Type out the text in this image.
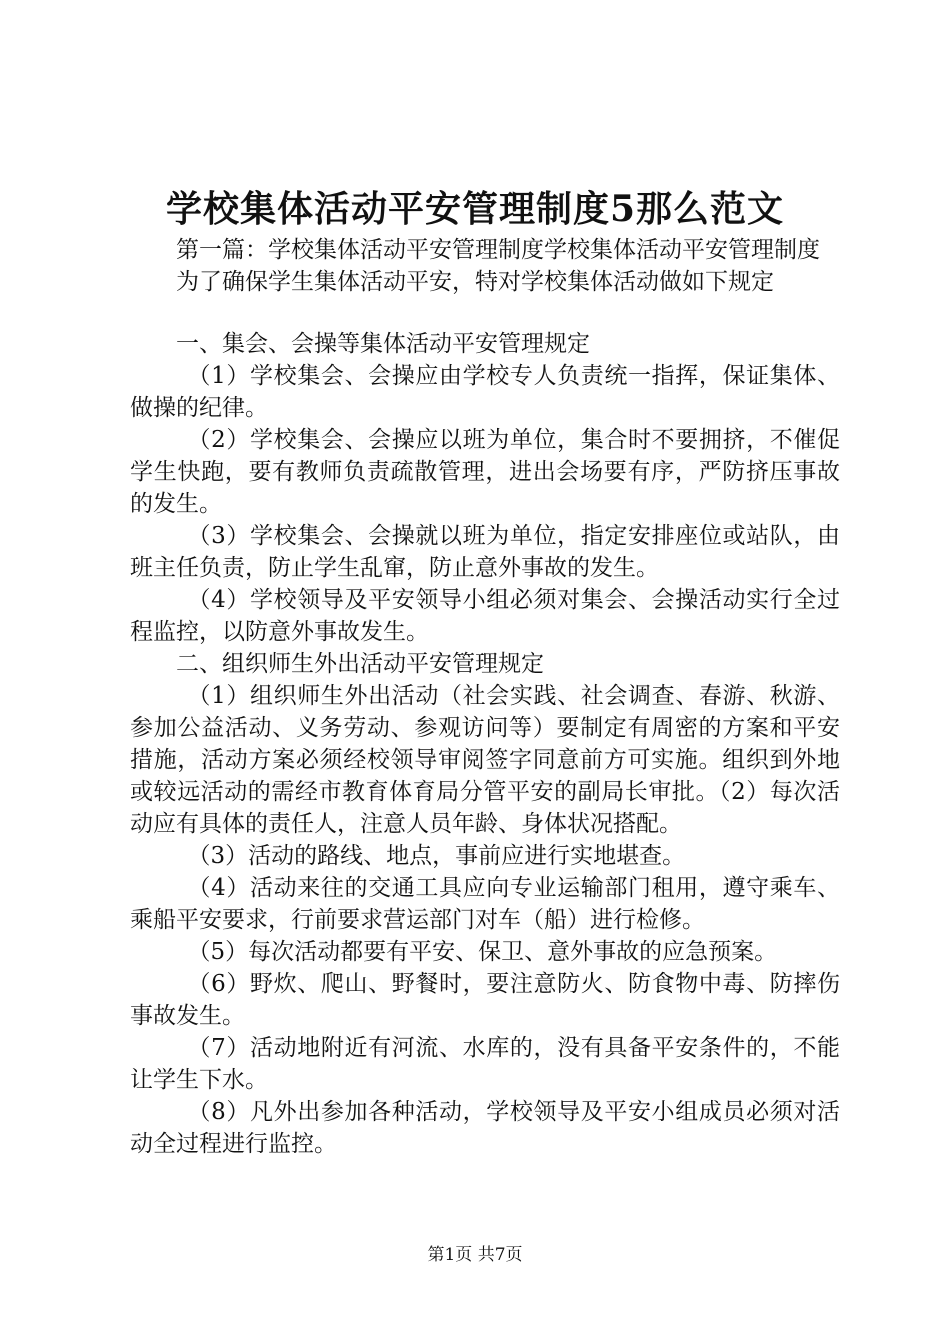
学校集体活动平安管理制度5那么范文

第一篇：学校集体活动平安管理制度学校集体活动平安管理制度

为了确保学生集体活动平安，特对学校集体活动做如下规定

一、集会、会操等集体活动平安管理规定

（1）学校集会、会操应由学校专人负责统一指挥，保证集体、做操的纪律。

（2）学校集会、会操应以班为单位，集合时不要拥挤，不催促学生快跑，要有教师负责疏散管理，进出会场要有序，严防挤压事故的发生。

（3）学校集会、会操就以班为单位，指定安排座位或站队，由班主任负责，防止学生乱窜，防止意外事故的发生。

（4）学校领导及平安领导小组必须对集会、会操活动实行全过程监控，以防意外事故发生。

二、组织师生外出活动平安管理规定

（1）组织师生外出活动（社会实践、社会调查、春游、秋游、参加公益活动、义务劳动、参观访问等）要制定有周密的方案和平安措施，活动方案必须经校领导审阅签字同意前方可实施。组织到外地或较远活动的需经市教育体育局分管平安的副局长审批。（2）每次活动应有具体的责任人，注意人员年龄、身体状况搭配。

（3）活动的路线、地点，事前应进行实地堪查。

（4）活动来往的交通工具应向专业运输部门租用，遵守乘车、乘船平安要求，行前要求营运部门对车（船）进行检修。

（5）每次活动都要有平安、保卫、意外事故的应急预案。

（6）野炊、爬山、野餐时，要注意防火、防食物中毒、防摔伤事故发生。

（7）活动地附近有河流、水库的，没有具备平安条件的，不能让学生下水。

（8）凡外出参加各种活动，学校领导及平安小组成员必须对活动全过程进行监控。

第1页 共7页
